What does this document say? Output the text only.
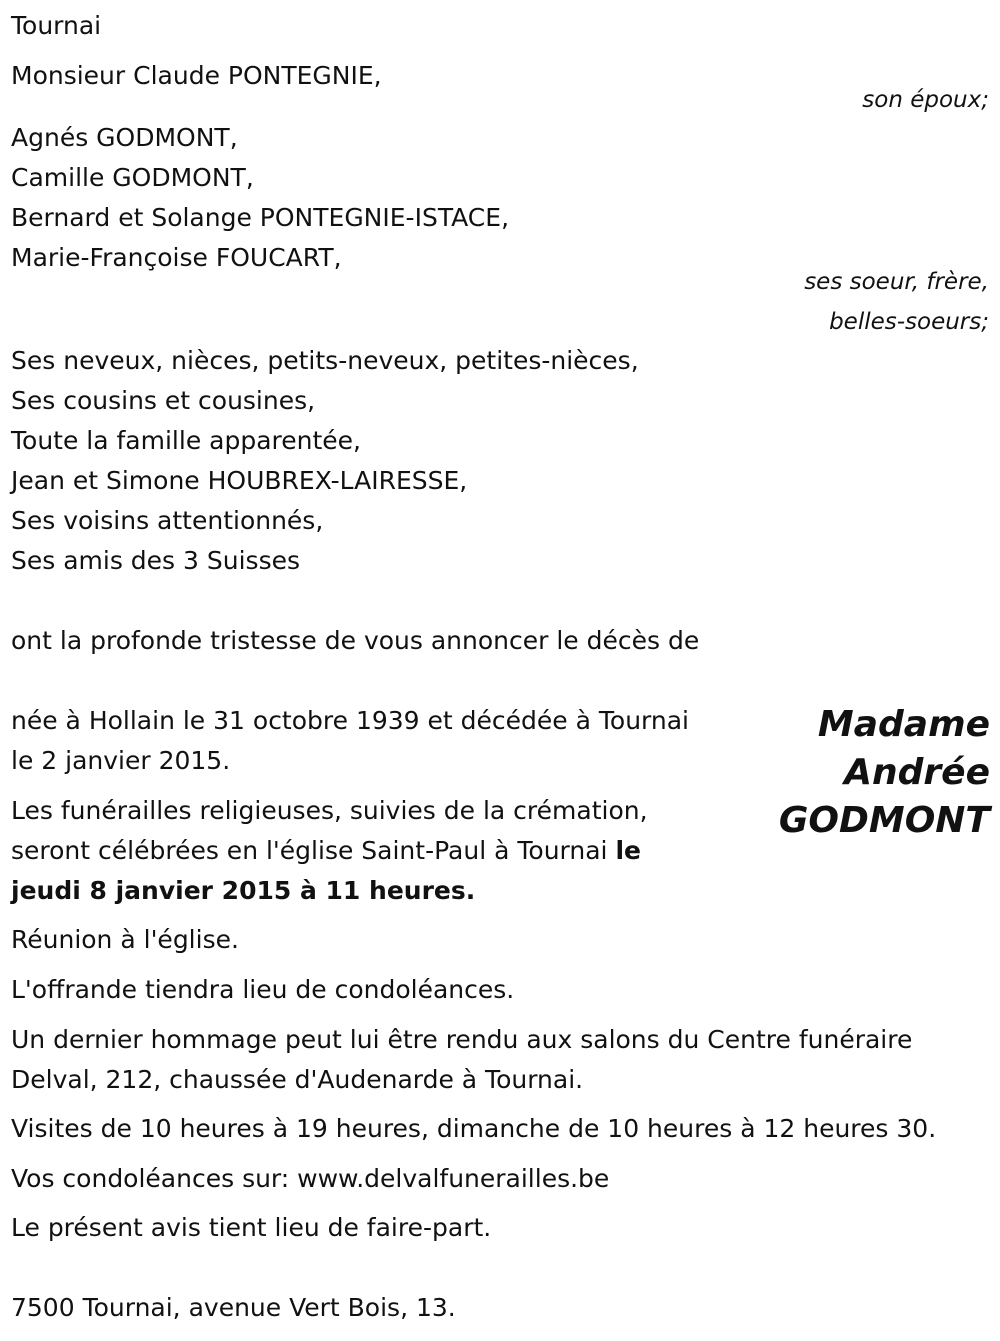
Tournai
Monsieur Claude PONTEGNIE,
son époux;
Agnés GODMONT,
Camille GODMONT,
Bernard et Solange PONTEGNIE-ISTACE,
Marie-Françoise FOUCART,
ses soeur, frère,
belles-soeurs;
Ses neveux, nièces, petits-neveux, petites-nièces,
Ses cousins et cousines,
Toute la famille apparentée,
Jean et Simone HOUBREX-LAIRESSE,
Ses voisins attentionnés,
Ses amis des 3 Suisses
ont la profonde tristesse de vous annoncer le décès de
Madame
Andrée
GODMONT
née à Hollain le 31 octobre 1939 et décédée à Tournai
le 2 janvier 2015.
Les funérailles religieuses, suivies de la crémation,
seront célébrées en l'église Saint-Paul à Tournai le
jeudi 8 janvier 2015 à 11 heures.
Réunion à l'église.
L'offrande tiendra lieu de condoléances.
Un dernier hommage peut lui être rendu aux salons du Centre funéraire
Delval, 212, chaussée d'Audenarde à Tournai.
Visites de 10 heures à 19 heures, dimanche de 10 heures à 12 heures 30.
Vos condoléances sur: www.delvalfunerailles.be
Le présent avis tient lieu de faire-part.
7500 Tournai, avenue Vert Bois, 13.
